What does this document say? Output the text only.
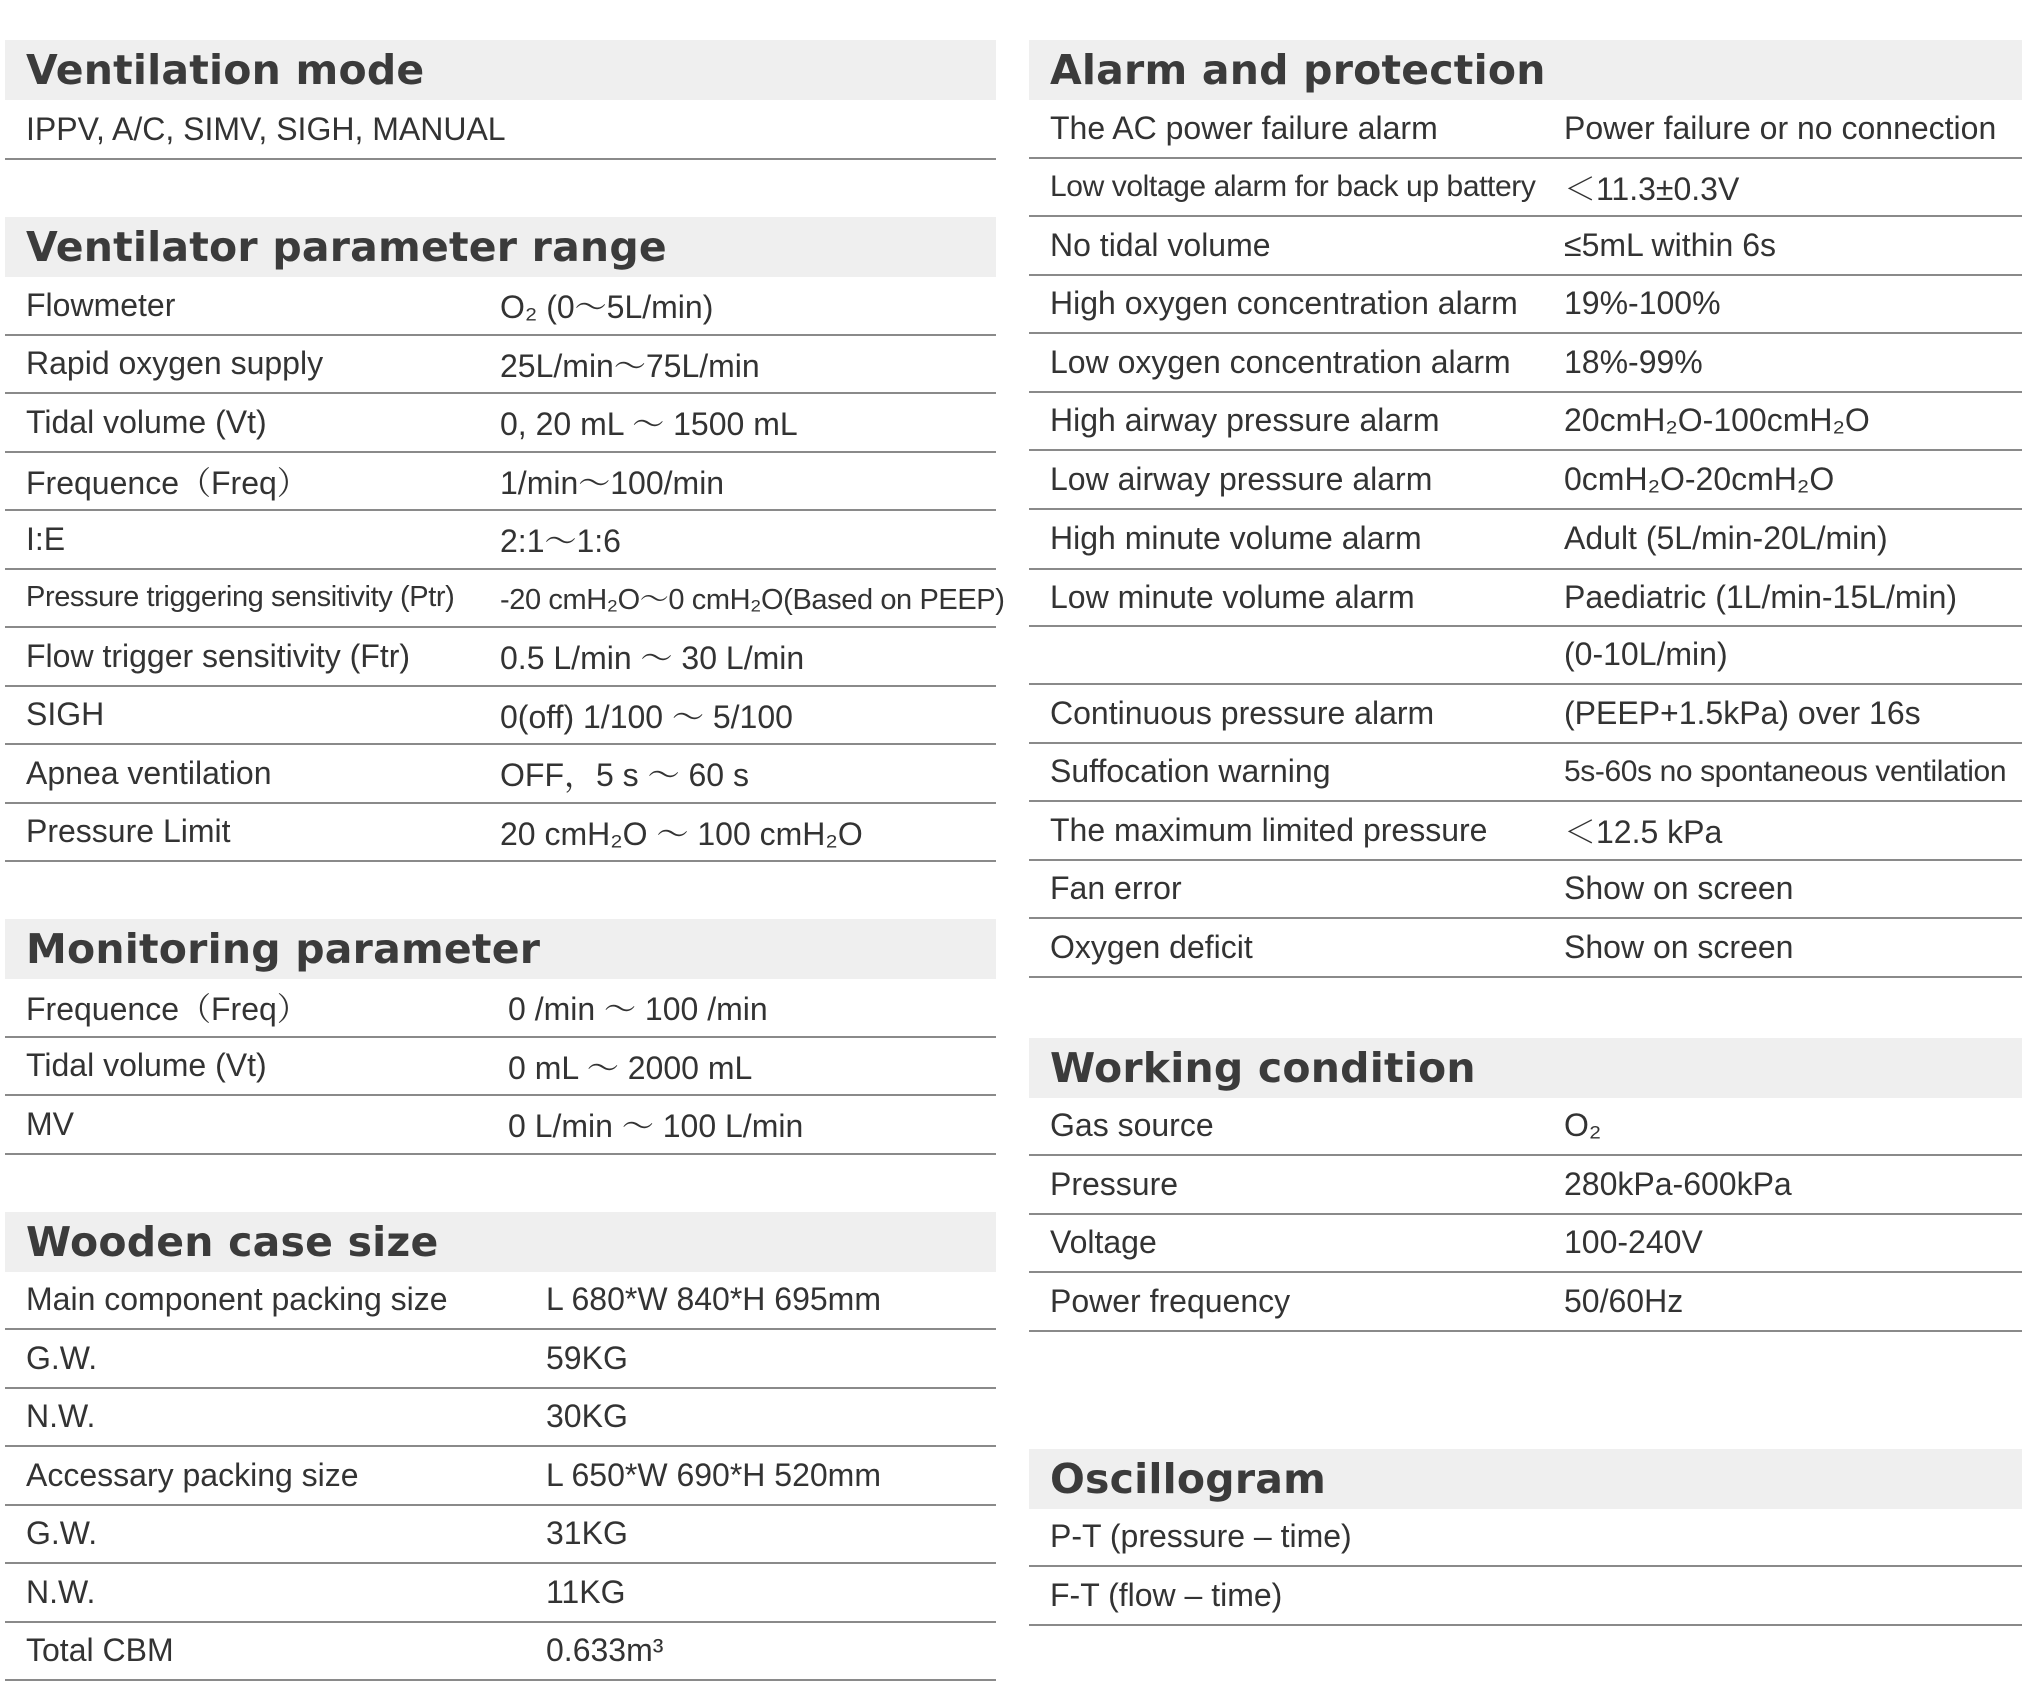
Ventilation mode
IPPV, A/C, SIMV, SIGH, MANUAL
Ventilator parameter range
Flowmeter	O₂ (0～5L/min)
Rapid oxygen supply	25L/min～75L/min
Tidal volume (Vt)	0, 20 mL ～ 1500 mL
Frequence（Freq）	1/min～100/min
I:E	2:1～1:6
Pressure triggering sensitivity (Ptr)	-20 cmH₂O～0 cmH₂O(Based on PEEP)
Flow trigger sensitivity (Ftr)	0.5 L/min ～ 30 L/min
SIGH	0(off) 1/100 ～ 5/100
Apnea ventilation	OFF，5 s ～ 60 s
Pressure Limit	20 cmH₂O ～ 100 cmH₂O
Monitoring parameter
Frequence（Freq）	0 /min ～ 100 /min
Tidal volume (Vt)	0 mL ～ 2000 mL
MV	0 L/min ～ 100 L/min
Wooden case size
Main component packing size	L 680*W 840*H 695mm
G.W.	59KG
N.W.	30KG
Accessary packing size	L 650*W 690*H 520mm
G.W.	31KG
N.W.	11KG
Total CBM	0.633m³
Alarm and protection
The AC power failure alarm	Power failure or no connection
Low voltage alarm for back up battery ＜11.3±0.3V
No tidal volume	≤5mL within 6s
High oxygen concentration alarm	19%-100%
Low oxygen concentration alarm	18%-99%
High airway pressure alarm	20cmH₂O-100cmH₂O
Low airway pressure alarm	0cmH₂O-20cmH₂O
High minute volume alarm	Adult (5L/min-20L/min)
Low minute volume alarm	Paediatric (1L/min-15L/min)
(0-10L/min)
Continuous pressure alarm	(PEEP+1.5kPa) over 16s
Suffocation warning	5s-60s no spontaneous ventilation
The maximum limited pressure	＜12.5 kPa
Fan error	Show on screen
Oxygen deficit	Show on screen
Working condition
Gas source	O₂
Pressure	280kPa-600kPa
Voltage	100-240V
Power frequency	50/60Hz
Oscillogram
P-T (pressure – time)
F-T (flow – time)
